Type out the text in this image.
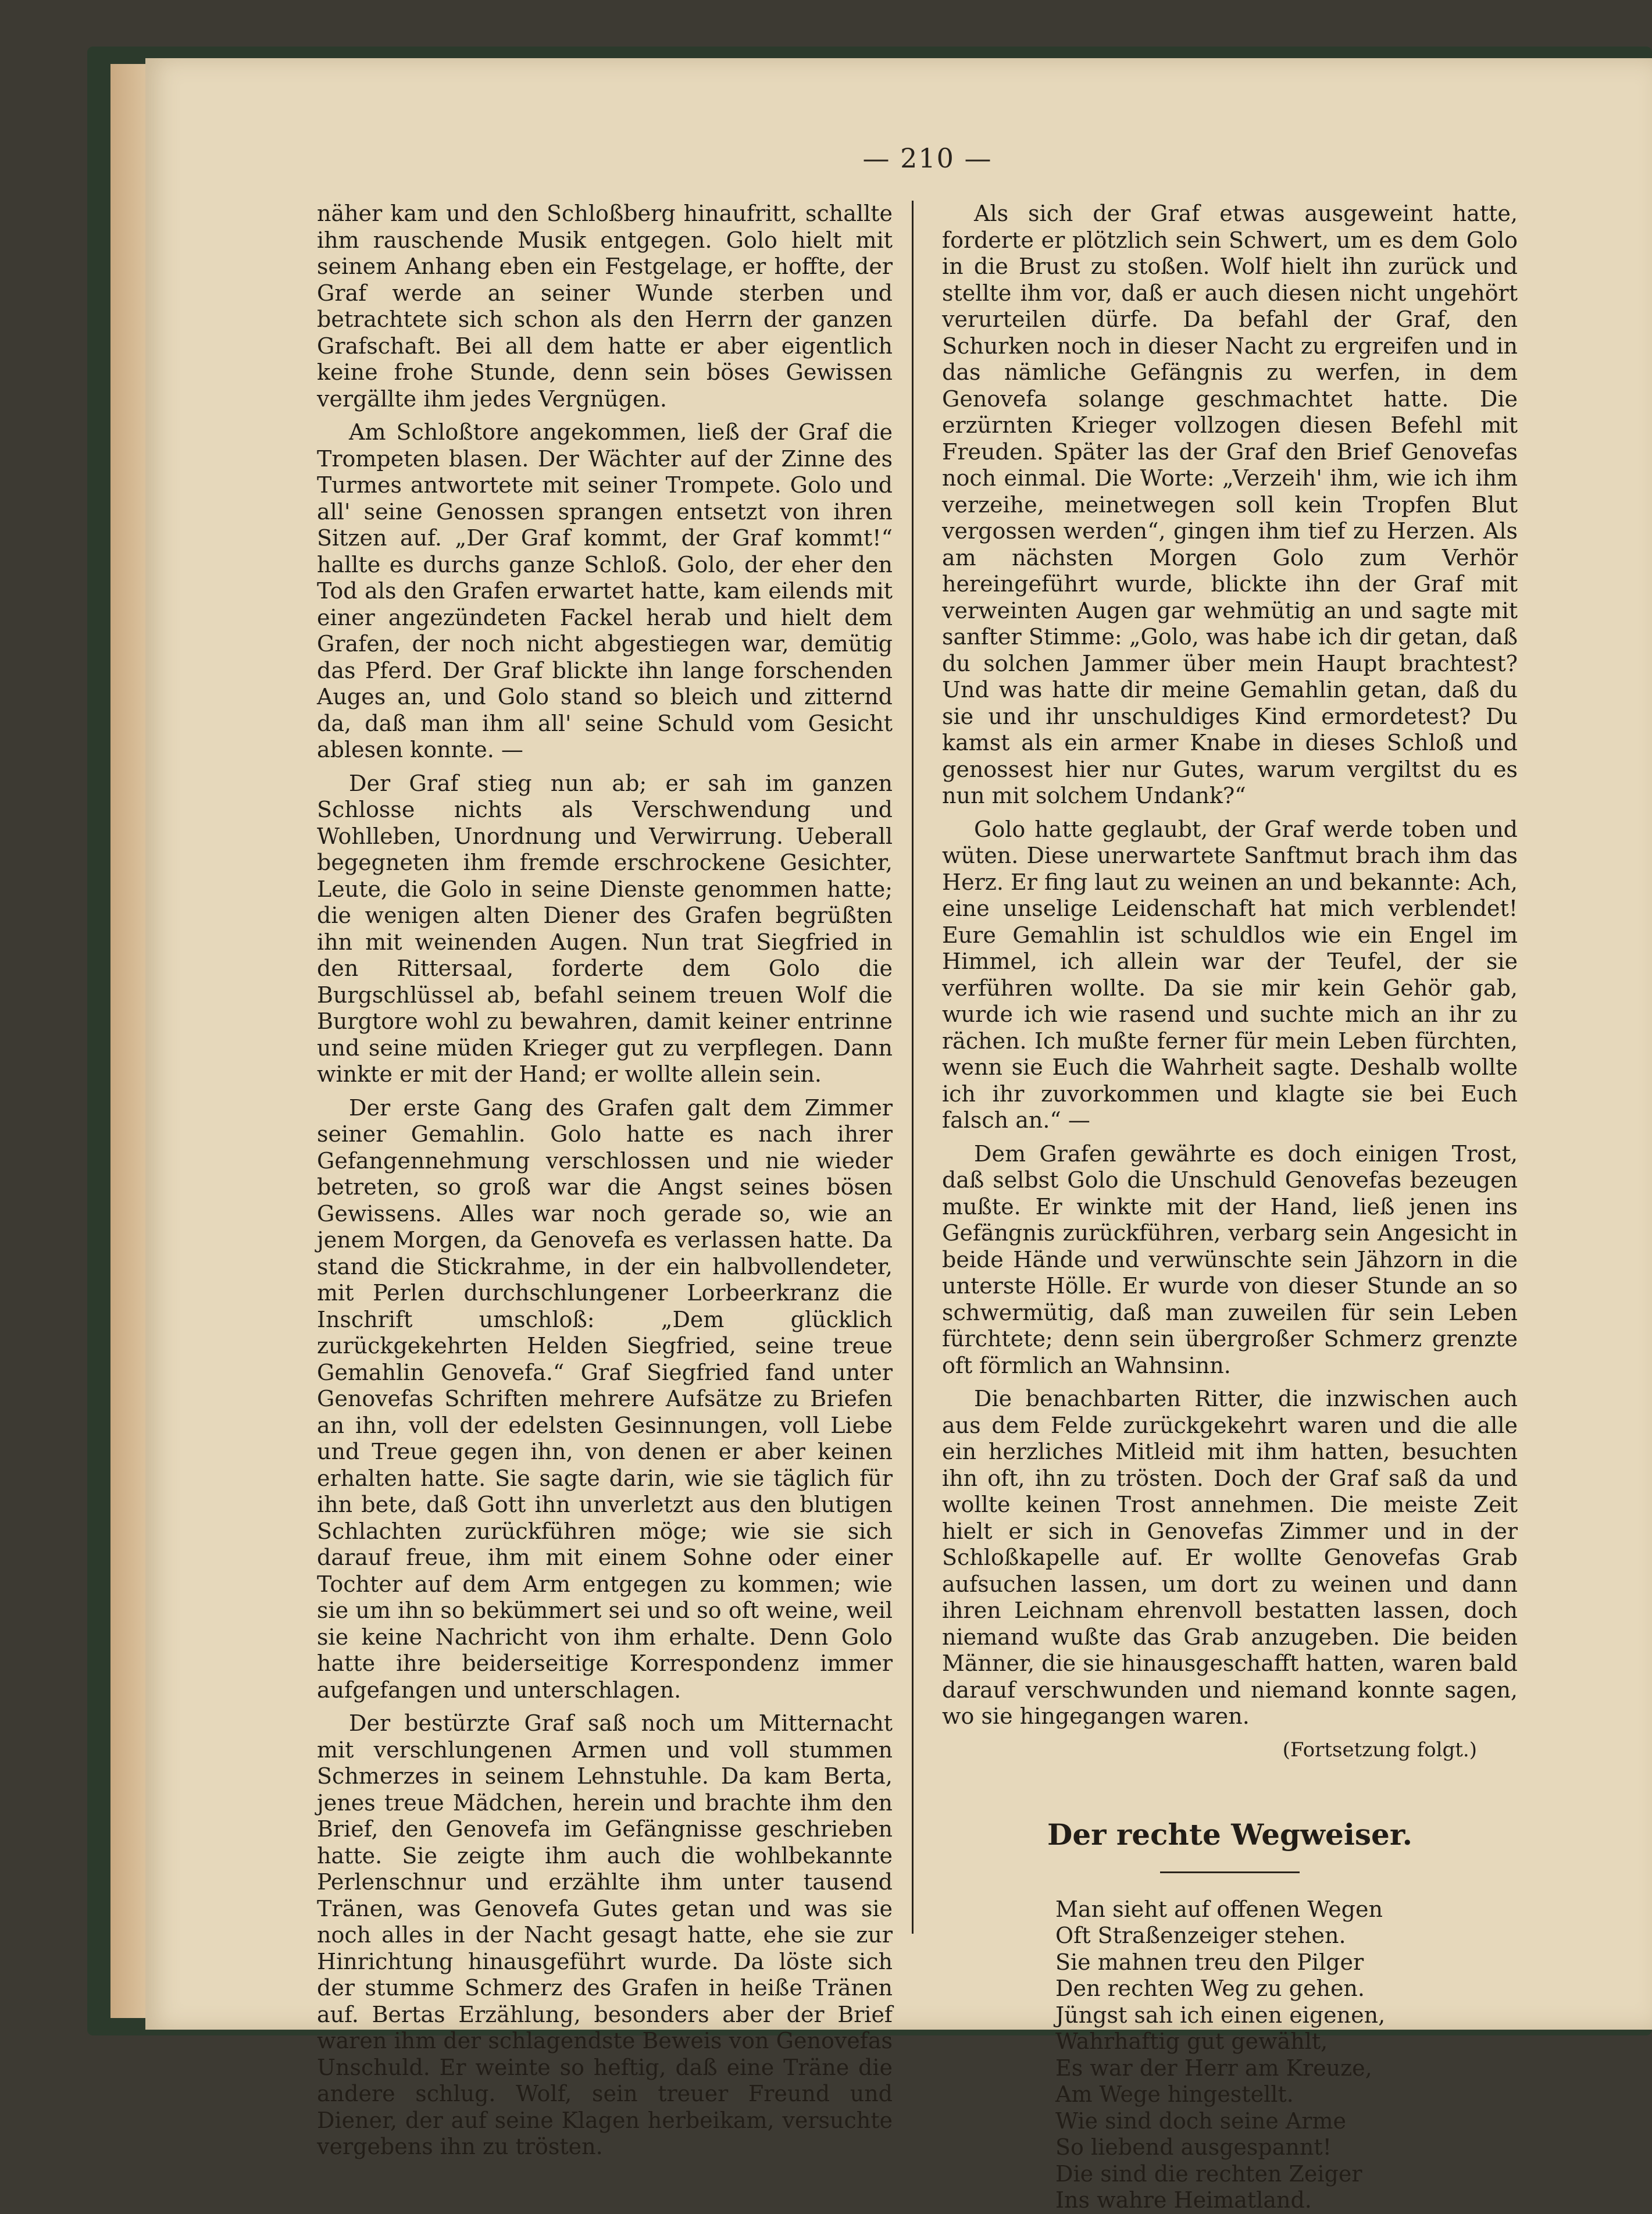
— 210 —

näher kam und den Schloßberg hinaufritt, schallte ihm rauschende Musik entgegen. Golo hielt mit seinem Anhang eben ein Festgelage, er hoffte, der Graf werde an seiner Wunde sterben und betrachtete sich schon als den Herrn der ganzen Grafschaft. Bei all dem hatte er aber eigentlich keine frohe Stunde, denn sein böses Gewissen vergällte ihm jedes Vergnügen.

Am Schloßtore angekommen, ließ der Graf die Trompeten blasen. Der Wächter auf der Zinne des Turmes antwortete mit seiner Trompete. Golo und all' seine Genossen sprangen entsetzt von ihren Sitzen auf. „Der Graf kommt, der Graf kommt!“ hallte es durchs ganze Schloß. Golo, der eher den Tod als den Grafen erwartet hatte, kam eilends mit einer angezündeten Fackel herab und hielt dem Grafen, der noch nicht abgestiegen war, demütig das Pferd. Der Graf blickte ihn lange forschenden Auges an, und Golo stand so bleich und zitternd da, daß man ihm all' seine Schuld vom Gesicht ablesen konnte. —

Der Graf stieg nun ab; er sah im ganzen Schlosse nichts als Verschwendung und Wohlleben, Unordnung und Verwirrung. Ueberall begegneten ihm fremde erschrockene Gesichter, Leute, die Golo in seine Dienste genommen hatte; die wenigen alten Diener des Grafen begrüßten ihn mit weinenden Augen. Nun trat Siegfried in den Rittersaal, forderte dem Golo die Burgschlüssel ab, befahl seinem treuen Wolf die Burgtore wohl zu bewahren, damit keiner entrinne und seine müden Krieger gut zu verpflegen. Dann winkte er mit der Hand; er wollte allein sein.

Der erste Gang des Grafen galt dem Zimmer seiner Gemahlin. Golo hatte es nach ihrer Gefangennehmung verschlossen und nie wieder betreten, so groß war die Angst seines bösen Gewissens. Alles war noch gerade so, wie an jenem Morgen, da Genovefa es verlassen hatte. Da stand die Stickrahme, in der ein halbvollendeter, mit Perlen durchschlungener Lorbeerkranz die Inschrift umschloß: „Dem glücklich zurückgekehrten Helden Siegfried, seine treue Gemahlin Genovefa.“ Graf Siegfried fand unter Genovefas Schriften mehrere Aufsätze zu Briefen an ihn, voll der edelsten Gesinnungen, voll Liebe und Treue gegen ihn, von denen er aber keinen erhalten hatte. Sie sagte darin, wie sie täglich für ihn bete, daß Gott ihn unverletzt aus den blutigen Schlachten zurückführen möge; wie sie sich darauf freue, ihm mit einem Sohne oder einer Tochter auf dem Arm entgegen zu kommen; wie sie um ihn so bekümmert sei und so oft weine, weil sie keine Nachricht von ihm erhalte. Denn Golo hatte ihre beiderseitige Korrespondenz immer aufgefangen und unterschlagen.

Der bestürzte Graf saß noch um Mitternacht mit verschlungenen Armen und voll stummen Schmerzes in seinem Lehnstuhle. Da kam Berta, jenes treue Mädchen, herein und brachte ihm den Brief, den Genovefa im Gefängnisse geschrieben hatte. Sie zeigte ihm auch die wohlbekannte Perlenschnur und erzählte ihm unter tausend Tränen, was Genovefa Gutes getan und was sie noch alles in der Nacht gesagt hatte, ehe sie zur Hinrichtung hinausgeführt wurde. Da löste sich der stumme Schmerz des Grafen in heiße Tränen auf. Bertas Erzählung, besonders aber der Brief waren ihm der schlagendste Beweis von Genovefas Unschuld. Er weinte so heftig, daß eine Träne die andere schlug. Wolf, sein treuer Freund und Diener, der auf seine Klagen herbeikam, versuchte vergebens ihn zu trösten.

Als sich der Graf etwas ausgeweint hatte, forderte er plötzlich sein Schwert, um es dem Golo in die Brust zu stoßen. Wolf hielt ihn zurück und stellte ihm vor, daß er auch diesen nicht ungehört verurteilen dürfe. Da befahl der Graf, den Schurken noch in dieser Nacht zu ergreifen und in das nämliche Gefängnis zu werfen, in dem Genovefa solange geschmachtet hatte. Die erzürnten Krieger vollzogen diesen Befehl mit Freuden. Später las der Graf den Brief Genovefas noch einmal. Die Worte: „Verzeih' ihm, wie ich ihm verzeihe, meinetwegen soll kein Tropfen Blut vergossen werden“, gingen ihm tief zu Herzen. Als am nächsten Morgen Golo zum Verhör hereingeführt wurde, blickte ihn der Graf mit verweinten Augen gar wehmütig an und sagte mit sanfter Stimme: „Golo, was habe ich dir getan, daß du solchen Jammer über mein Haupt brachtest? Und was hatte dir meine Gemahlin getan, daß du sie und ihr unschuldiges Kind ermordetest? Du kamst als ein armer Knabe in dieses Schloß und genossest hier nur Gutes, warum vergiltst du es nun mit solchem Undank?“

Golo hatte geglaubt, der Graf werde toben und wüten. Diese unerwartete Sanftmut brach ihm das Herz. Er fing laut zu weinen an und bekannte: Ach, eine unselige Leidenschaft hat mich verblendet! Eure Gemahlin ist schuldlos wie ein Engel im Himmel, ich allein war der Teufel, der sie verführen wollte. Da sie mir kein Gehör gab, wurde ich wie rasend und suchte mich an ihr zu rächen. Ich mußte ferner für mein Leben fürchten, wenn sie Euch die Wahrheit sagte. Deshalb wollte ich ihr zuvorkommen und klagte sie bei Euch falsch an.“ —

Dem Grafen gewährte es doch einigen Trost, daß selbst Golo die Unschuld Genovefas bezeugen mußte. Er winkte mit der Hand, ließ jenen ins Gefängnis zurückführen, verbarg sein Angesicht in beide Hände und verwünschte sein Jähzorn in die unterste Hölle. Er wurde von dieser Stunde an so schwermütig, daß man zuweilen für sein Leben fürchtete; denn sein übergroßer Schmerz grenzte oft förmlich an Wahnsinn.

Die benachbarten Ritter, die inzwischen auch aus dem Felde zurückgekehrt waren und die alle ein herzliches Mitleid mit ihm hatten, besuchten ihn oft, ihn zu trösten. Doch der Graf saß da und wollte keinen Trost annehmen. Die meiste Zeit hielt er sich in Genovefas Zimmer und in der Schloßkapelle auf. Er wollte Genovefas Grab aufsuchen lassen, um dort zu weinen und dann ihren Leichnam ehrenvoll bestatten lassen, doch niemand wußte das Grab anzugeben. Die beiden Männer, die sie hinausgeschafft hatten, waren bald darauf verschwunden und niemand konnte sagen, wo sie hingegangen waren.

(Fortsetzung folgt.)
Der rechte Wegweiser.
Man sieht auf offenen Wegen
Oft Straßenzeiger stehen.
Sie mahnen treu den Pilger
Den rechten Weg zu gehen.
Jüngst sah ich einen eigenen,
Wahrhaftig gut gewählt,
Es war der Herr am Kreuze,
Am Wege hingestellt.
Wie sind doch seine Arme
So liebend ausgespannt!
Die sind die rechten Zeiger
Ins wahre Heimatland.
